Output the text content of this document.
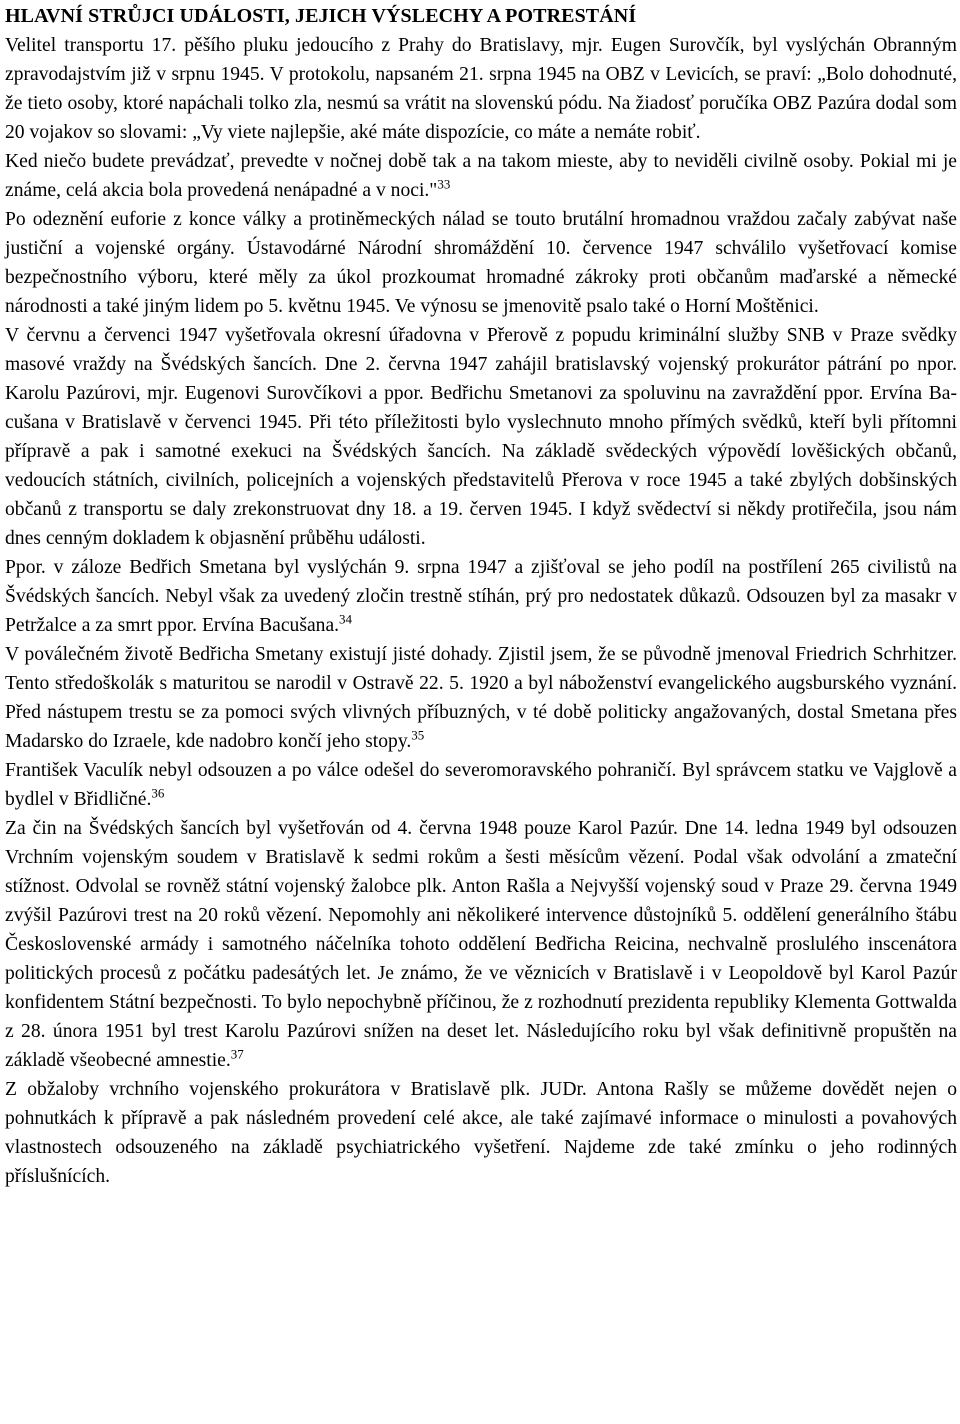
HLAVNÍ STRŮJCI UDÁLOSTI, JEJICH VÝSLECHY A POTRESTÁNÍ

Velitel transportu 17. pěšího pluku jedoucího z Prahy do Bratislavy, mjr. Eugen Surovčík, byl vyslýchán Obranným zpravodajstvím již v srpnu 1945. V protokolu, napsaném 21. srpna 1945 na OBZ v Levicích, se praví: „Bolo dohodnuté, že tieto osoby, ktoré napáchali tolko zla, nesmú sa vrátit na slovenskú pódu. Na žiadosť poručíka OBZ Pazúra dodal som 20 vojakov so slovami: „Vy viete najlepšie, aké máte dispozície, co máte a nemáte robiť.

Ked niečo budete prevádzať, prevedte v nočnej době tak a na takom mieste, aby to neviděli civilně osoby. Pokial mi je známe, celá akcia bola provedená nenápadné a v noci."$^{33}$

Po odeznění euforie z konce války a protiněmeckých nálad se touto brutální hromadnou vraždou začaly zabývat naše justiční a vojenské orgány. Ústavodárné Národní shromáždění 10. července 1947 schválilo vyšetřovací komise bezpečnostního výboru, které měly za úkol prozkoumat hromadné zákroky proti občanům maďarské a německé národnosti a také jiným lidem po 5. květnu 1945. Ve výnosu se jmenovitě psalo také o Horní Moštěnici.

V červnu a červenci 1947 vyšetřovala okresní úřadovna v Přerově z popudu kriminální služby SNB v Praze svědky masové vraždy na Švédských šancích. Dne 2. června 1947 zahájil bratislavský vojenský prokurátor pátrání po npor. Karolu Pazúrovi, mjr. Eugenovi Surovčíkovi a ppor. Bedřichu Smetanovi za spoluvinu na zavraždění ppor. Ervína Ba-cušana v Bratislavě v červenci 1945. Při této příležitosti bylo vyslechnuto mnoho přímých svědků, kteří byli přítomni přípravě a pak i samotné exekuci na Švédských šancích. Na základě svědeckých výpovědí lověšických občanů, vedoucích státních, civilních, policejních a vojenských představitelů Přerova v roce 1945 a také zbylých dobšinských občanů z transportu se daly zrekonstruovat dny 18. a 19. červen 1945. I když svědectví si někdy protiřečila, jsou nám dnes cenným dokladem k objasnění průběhu události.

Ppor. v záloze Bedřich Smetana byl vyslýchán 9. srpna 1947 a zjišťoval se jeho podíl na postřílení 265 civilistů na Švédských šancích. Nebyl však za uvedený zločin trestně stíhán, prý pro nedostatek důkazů. Odsouzen byl za masakr v Petržalce a za smrt ppor. Ervína Bacušana.$^{34}$

V poválečném životě Bedřicha Smetany existují jisté dohady. Zjistil jsem, že se původně jmenoval Friedrich Schrhitzer. Tento středoškolák s maturitou se narodil v Ostravě 22. 5. 1920 a byl náboženství evangelického augsburského vyznání. Před nástupem trestu se za pomoci svých vlivných příbuzných, v té době politicky angažovaných, dostal Smetana přes Madarsko do Izraele, kde nadobro končí jeho stopy.$^{35}$

František Vaculík nebyl odsouzen a po válce odešel do severomoravského pohraničí. Byl správcem statku ve Vajglově a bydlel v Břidličné.$^{36}$

Za čin na Švédských šancích byl vyšetřován od 4. června 1948 pouze Karol Pazúr. Dne 14. ledna 1949 byl odsouzen Vrchním vojenským soudem v Bratislavě k sedmi rokům a šesti měsícům vězení. Podal však odvolání a zmateční stížnost. Odvolal se rovněž státní vojenský žalobce plk. Anton Rašla a Nejvyšší vojenský soud v Praze 29. června 1949 zvýšil Pazúrovi trest na 20 roků vězení. Nepomohly ani několikeré intervence důstojníků 5. oddělení generálního štábu Československé armády i samotného náčelníka tohoto oddělení Bedřicha Reicina, nechvalně proslulého inscenátora politických procesů z počátku padesátých let. Je známo, že ve věznicích v Bratislavě i v Leopoldově byl Karol Pazúr konfidentem Státní bezpečnosti. To bylo nepochybně příčinou, že z rozhodnutí prezidenta republiky Klementa Gottwalda z 28. února 1951 byl trest Karolu Pazúrovi snížen na deset let. Následujícího roku byl však definitivně propuštěn na základě všeobecné amnestie.$^{37}$

Z obžaloby vrchního vojenského prokurátora v Bratislavě plk. JUDr. Antona Rašly se můžeme dovědět nejen o pohnutkách k přípravě a pak následném provedení celé akce, ale také zajímavé informace o minulosti a povahových vlastnostech odsouzeného na základě psychiatrického vyšetření. Najdeme zde také zmínku o jeho rodinných příslušnících.
